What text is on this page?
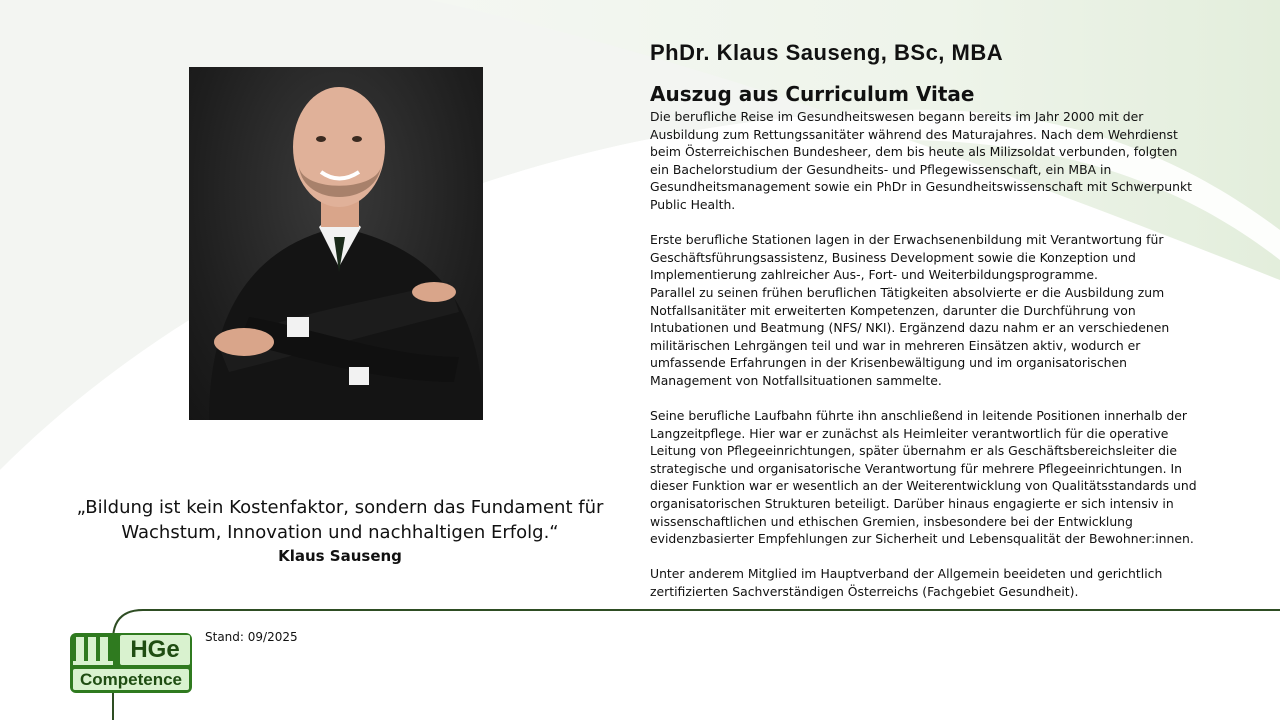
„Bildung ist kein Kostenfaktor, sondern das Fundament für
Wachstum, Innovation und nachhaltigen Erfolg.“
Klaus Sauseng
PhDr. Klaus Sauseng, BSc, MBA
Auszug aus Curriculum Vitae

Die berufliche Reise im Gesundheitswesen begann bereits im Jahr 2000 mit der Ausbildung zum Rettungssanitäter während des Maturajahres. Nach dem Wehrdienst beim Österreichischen Bundesheer, dem bis heute als Milizsoldat verbunden, folgten ein Bachelorstudium der Gesundheits- und Pflegewissenschaft, ein MBA in Gesundheitsmanagement sowie ein PhDr in Gesundheitswissenschaft mit Schwerpunkt Public Health.

Erste berufliche Stationen lagen in der Erwachsenenbildung mit Verantwortung für Geschäftsführungsassistenz, Business Development sowie die Konzeption und Implementierung zahlreicher Aus-, Fort- und Weiterbildungsprogramme.

Parallel zu seinen frühen beruflichen Tätigkeiten absolvierte er die Ausbildung zum Notfallsanitäter mit erweiterten Kompetenzen, darunter die Durchführung von Intubationen und Beatmung (NFS/ NKI). Ergänzend dazu nahm er an verschiedenen militärischen Lehrgängen teil und war in mehreren Einsätzen aktiv, wodurch er umfassende Erfahrungen in der Krisenbewältigung und im organisatorischen Management von Notfallsituationen sammelte.

Seine berufliche Laufbahn führte ihn anschließend in leitende Positionen innerhalb der Langzeitpflege. Hier war er zunächst als Heimleiter verantwortlich für die operative Leitung von Pflegeeinrichtungen, später übernahm er als Geschäftsbereichsleiter die strategische und organisatorische Verantwortung für mehrere Pflegeeinrichtungen. In dieser Funktion war er wesentlich an der Weiterentwicklung von Qualitätsstandards und organisatorischen Strukturen beteiligt. Darüber hinaus engagierte er sich intensiv in wissenschaftlichen und ethischen Gremien, insbesondere bei der Entwicklung evidenzbasierter Empfehlungen zur Sicherheit und Lebensqualität der Bewohner:innen.

Unter anderem Mitglied im Hauptverband der Allgemein beeideten und gerichtlich zertifizierten Sachverständigen Österreichs (Fachgebiet Gesundheit).

HGe
Competence
Stand: 09/2025
